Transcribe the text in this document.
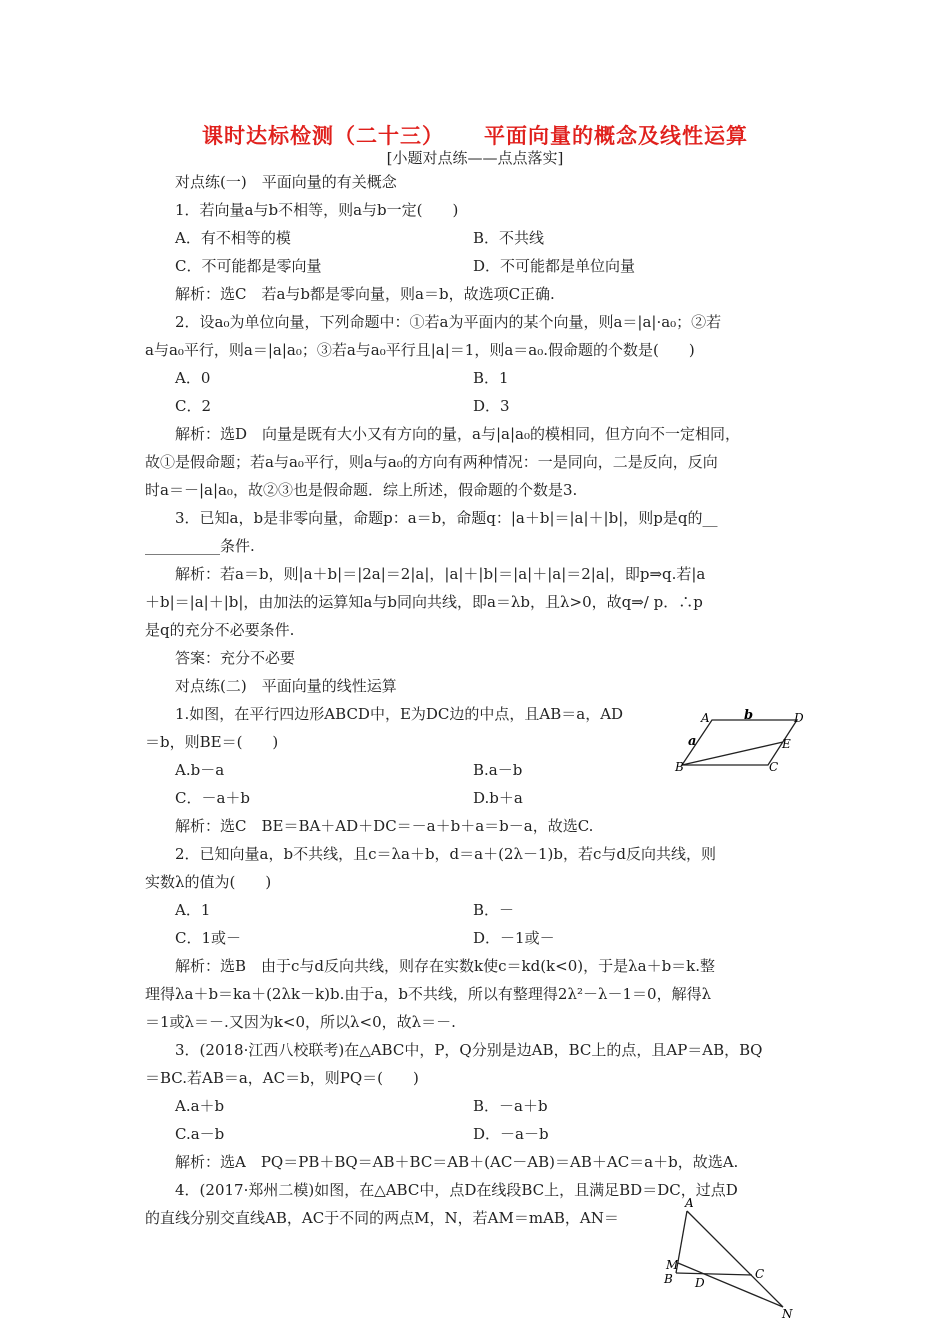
课时达标检测（二十三） 平面向量的概念及线性运算
[小题对点练——点点落实]
对点练(一)　平面向量的有关概念
1．若向量a与b不相等，则a与b一定(　　)
A．有不相等的模	B．不共线
C．不可能都是零向量	D．不可能都是单位向量
解析：选C　若a与b都是零向量，则a＝b，故选项C正确.
2．设a₀为单位向量，下列命题中：①若a为平面内的某个向量，则a＝|a|·a₀；②若
a与a₀平行，则a＝|a|a₀；③若a与a₀平行且|a|＝1，则a＝a₀.假命题的个数是(　　)
A．0	B．1
C．2	D．3
解析：选D　向量是既有大小又有方向的量，a与|a|a₀的模相同，但方向不一定相同，
故①是假命题；若a与a₀平行，则a与a₀的方向有两种情况：一是同向，二是反向，反向
时a＝－|a|a₀，故②③也是假命题．综上所述，假命题的个数是3.
3．已知a，b是非零向量，命题p：a＝b，命题q：|a＋b|＝|a|＋|b|，则p是q的__
__________条件.
解析：若a＝b，则|a＋b|＝|2a|＝2|a|，|a|＋|b|＝|a|＋|a|＝2|a|，即p⇒q.若|a
＋b|＝|a|＋|b|，由加法的运算知a与b同向共线，即a＝λb，且λ>0，故q⇒/ p．∴p
是q的充分不必要条件.
答案：充分不必要
对点练(二)　平面向量的线性运算
1.如图，在平行四边形ABCD中，E为DC边的中点，且AB＝a，AD
＝b，则BE＝(　　)
A.b－a	B.a－b
C．－a＋b	D.b＋a
解析：选C　BE＝BA＋AD＋DC＝－a＋b＋a＝b－a，故选C.
2．已知向量a，b不共线，且c＝λa＋b，d＝a＋(2λ－1)b，若c与d反向共线，则
实数λ的值为(　　)
A．1	B．－
C．1或－	D．－1或－
解析：选B　由于c与d反向共线，则存在实数k使c＝kd(k<0)，于是λa＋b＝k.整
理得λa＋b＝ka＋(2λk－k)b.由于a，b不共线，所以有整理得2λ²－λ－1＝0，解得λ
＝1或λ＝－.又因为k<0，所以λ<0，故λ＝－.
3．(2018·江西八校联考)在△ABC中，P，Q分别是边AB，BC上的点，且AP＝AB，BQ
＝BC.若AB＝a，AC＝b，则PQ＝(　　)
A.a＋b	B．－a＋b
C.a－b	D．－a－b
解析：选A　PQ＝PB＋BQ＝AB＋BC＝AB＋(AC－AB)＝AB＋AC＝a＋b，故选A.
4．(2017·郑州二模)如图，在△ABC中，点D在线段BC上，且满足BD＝DC，过点D
的直线分别交直线AB，AC于不同的两点M，N，若AM＝mAB，AN＝
A	b	D
a	E
B	C
A
M
B D
C
N
